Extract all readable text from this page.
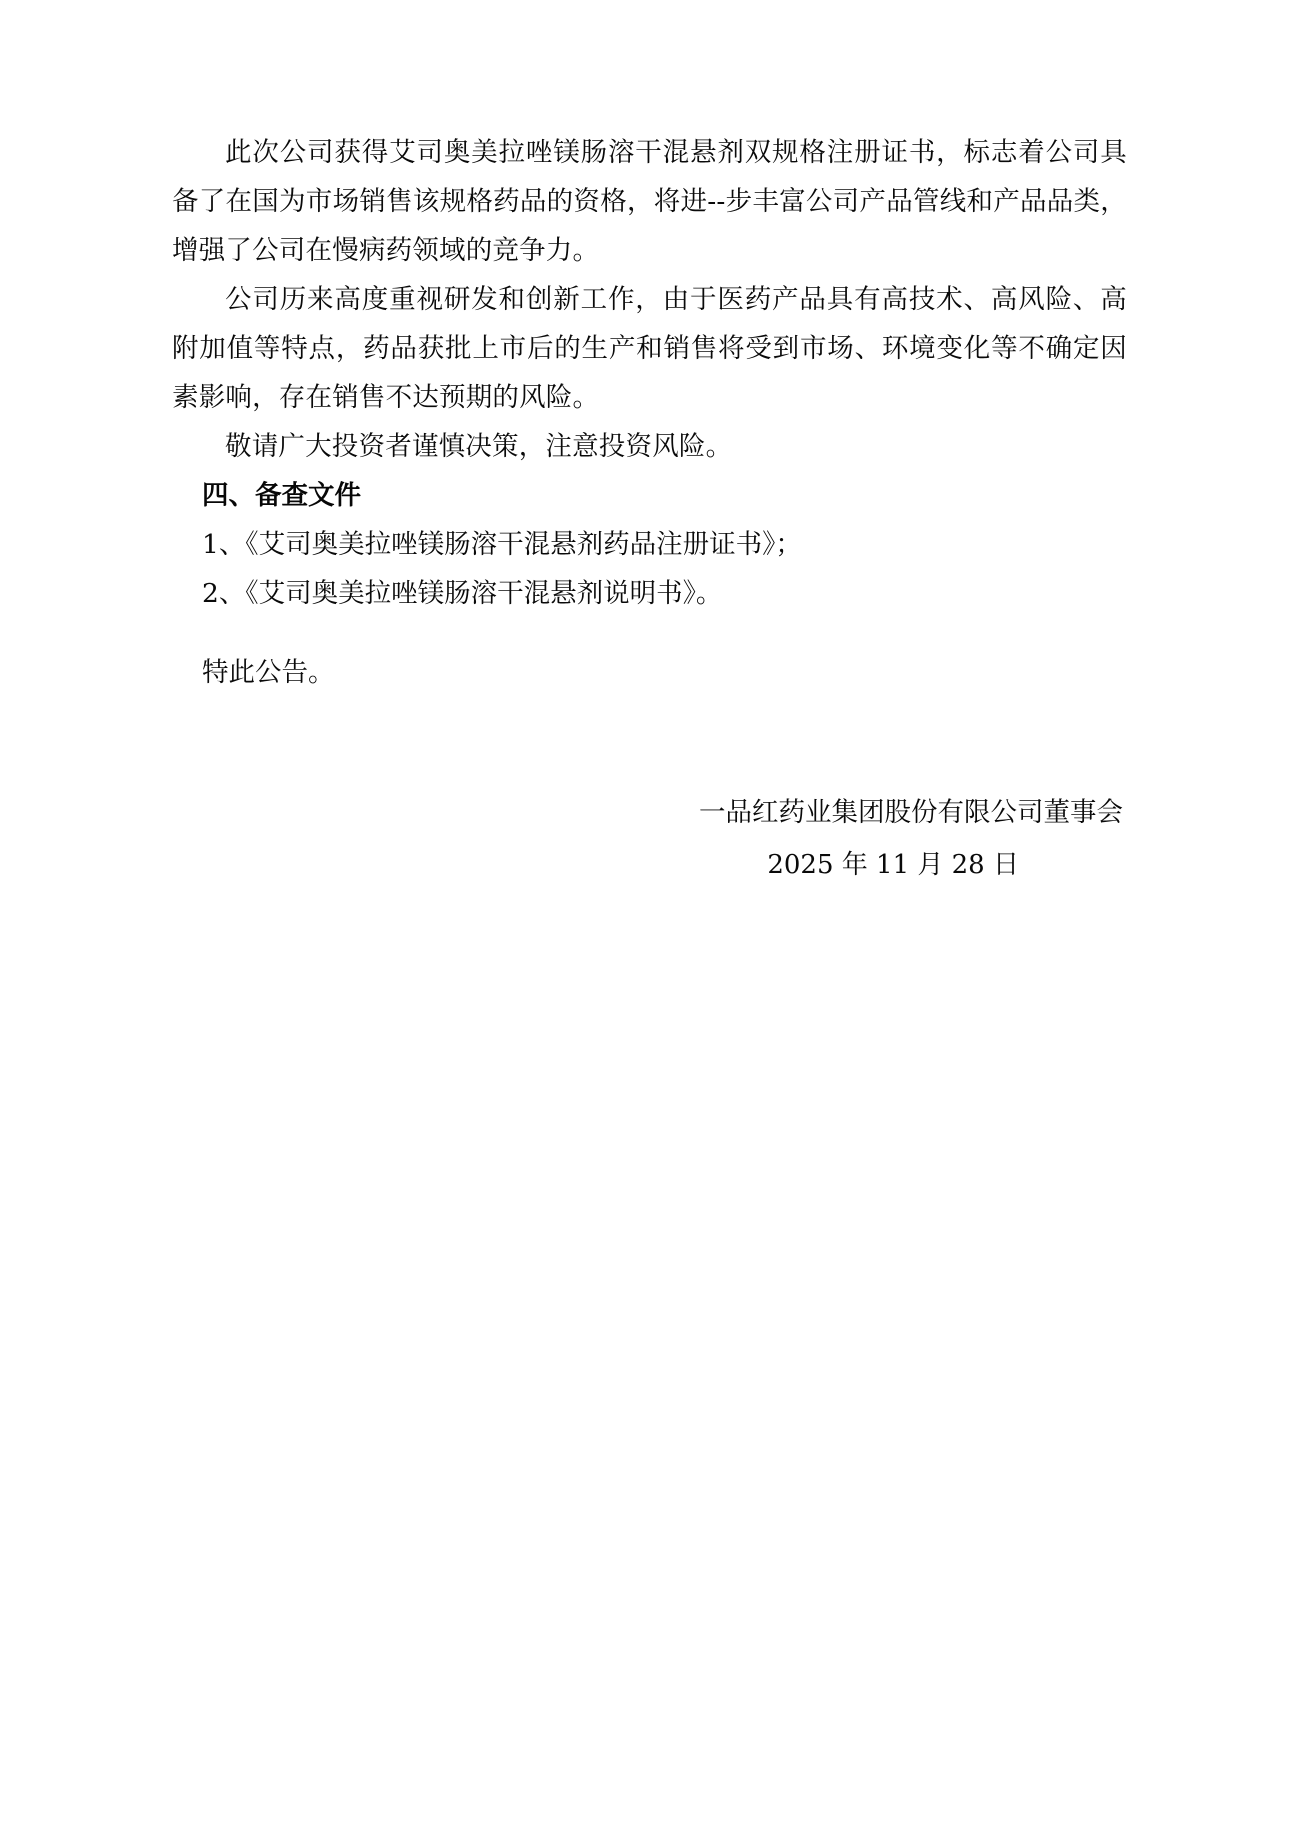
此次公司获得艾司奥美拉唑镁肠溶干混悬剂双规格注册证书，标志着公司具备了在国为市场销售该规格药品的资格，将进--步丰富公司产品管线和产品品类，增强了公司在慢病药领域的竞争力。

公司历来高度重视研发和创新工作，由于医药产品具有高技术、高风险、高附加值等特点，药品获批上市后的生产和销售将受到市场、环境变化等不确定因素影响，存在销售不达预期的风险。

敬请广大投资者谨慎决策，注意投资风险。

四、备查文件

1、《艾司奥美拉唑镁肠溶干混悬剂药品注册证书》；

2、《艾司奥美拉唑镁肠溶干混悬剂说明书》。

特此公告。

一品红药业集团股份有限公司董事会

2025 年 11 月 28 日
